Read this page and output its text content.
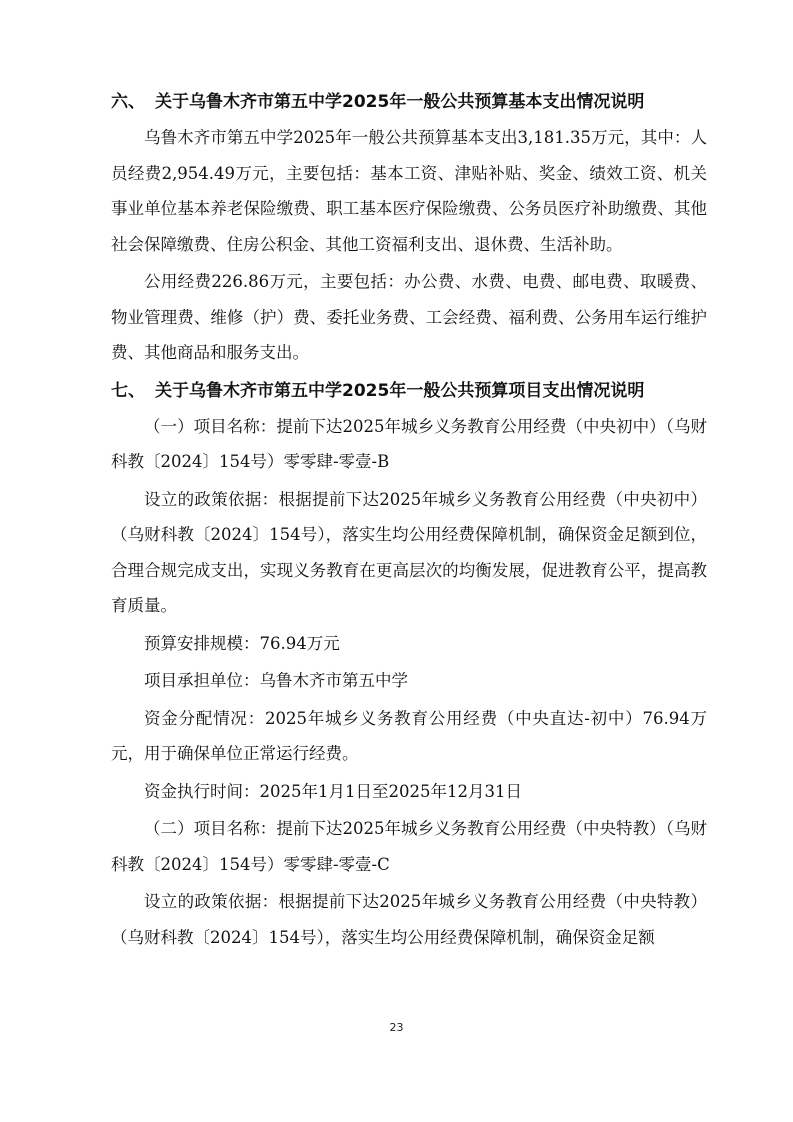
六、 关于乌鲁木齐市第五中学2025年一般公共预算基本支出情况说明

乌鲁木齐市第五中学2025年一般公共预算基本支出3,181.35万元，其中：人员经费2,954.49万元，主要包括：基本工资、津贴补贴、奖金、绩效工资、机关事业单位基本养老保险缴费、职工基本医疗保险缴费、公务员医疗补助缴费、其他社会保障缴费、住房公积金、其他工资福利支出、退休费、生活补助。

公用经费226.86万元，主要包括：办公费、水费、电费、邮电费、取暖费、物业管理费、维修（护）费、委托业务费、工会经费、福利费、公务用车运行维护费、其他商品和服务支出。

七、 关于乌鲁木齐市第五中学2025年一般公共预算项目支出情况说明

（一）项目名称：提前下达2025年城乡义务教育公用经费（中央初中）（乌财科教〔2024〕154号）零零肆-零壹-B

设立的政策依据：根据提前下达2025年城乡义务教育公用经费（中央初中）（乌财科教〔2024〕154号），落实生均公用经费保障机制，确保资金足额到位，合理合规完成支出，实现义务教育在更高层次的均衡发展，促进教育公平，提高教育质量。

预算安排规模：76.94万元

项目承担单位：乌鲁木齐市第五中学

资金分配情况：2025年城乡义务教育公用经费（中央直达-初中）76.94万元，用于确保单位正常运行经费。

资金执行时间：2025年1月1日至2025年12月31日

（二）项目名称：提前下达2025年城乡义务教育公用经费（中央特教）（乌财科教〔2024〕154号）零零肆-零壹-C

设立的政策依据：根据提前下达2025年城乡义务教育公用经费（中央特教）（乌财科教〔2024〕154号），落实生均公用经费保障机制，确保资金足额

23
